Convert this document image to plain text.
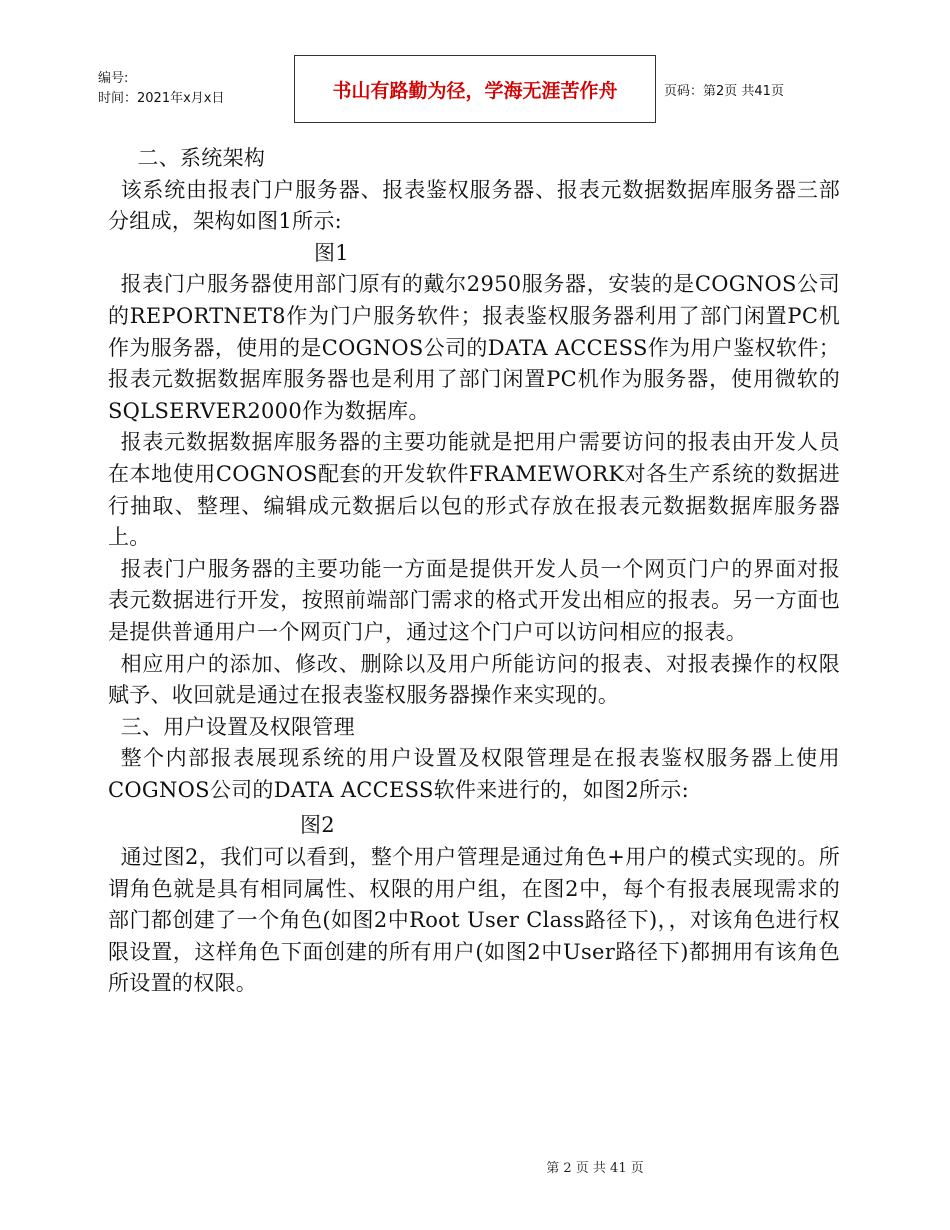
编号:
时间：2021年x月x日	书山有路勤为径，学海无涯苦作舟	页码：第2页 共41页

二、系统架构

该系统由报表门户服务器、报表鉴权服务器、报表元数据数据库服务器三部分组成，架构如图1所示:

图1

报表门户服务器使用部门原有的戴尔2950服务器，安装的是COGNOS公司的REPORTNET8作为门户服务软件；报表鉴权服务器利用了部门闲置PC机作为服务器，使用的是COGNOS公司的DATA ACCESS作为用户鉴权软件；报表元数据数据库服务器也是利用了部门闲置PC机作为服务器，使用微软的SQLSERVER2000作为数据库。

报表元数据数据库服务器的主要功能就是把用户需要访问的报表由开发人员在本地使用COGNOS配套的开发软件FRAMEWORK对各生产系统的数据进行抽取、整理、编辑成元数据后以包的形式存放在报表元数据数据库服务器上。

报表门户服务器的主要功能一方面是提供开发人员一个网页门户的界面对报表元数据进行开发，按照前端部门需求的格式开发出相应的报表。另一方面也是提供普通用户一个网页门户，通过这个门户可以访问相应的报表。

相应用户的添加、修改、删除以及用户所能访问的报表、对报表操作的权限赋予、收回就是通过在报表鉴权服务器操作来实现的。

三、用户设置及权限管理

整个内部报表展现系统的用户设置及权限管理是在报表鉴权服务器上使用COGNOS公司的DATA ACCESS软件来进行的，如图2所示:

图2

通过图2，我们可以看到，整个用户管理是通过角色+用户的模式实现的。所谓角色就是具有相同属性、权限的用户组，在图2中，每个有报表展现需求的部门都创建了一个角色(如图2中Root User Class路径下)，，对该角色进行权限设置，这样角色下面创建的所有用户(如图2中User路径下)都拥用有该角色所设置的权限。

第 2 页 共 41 页
